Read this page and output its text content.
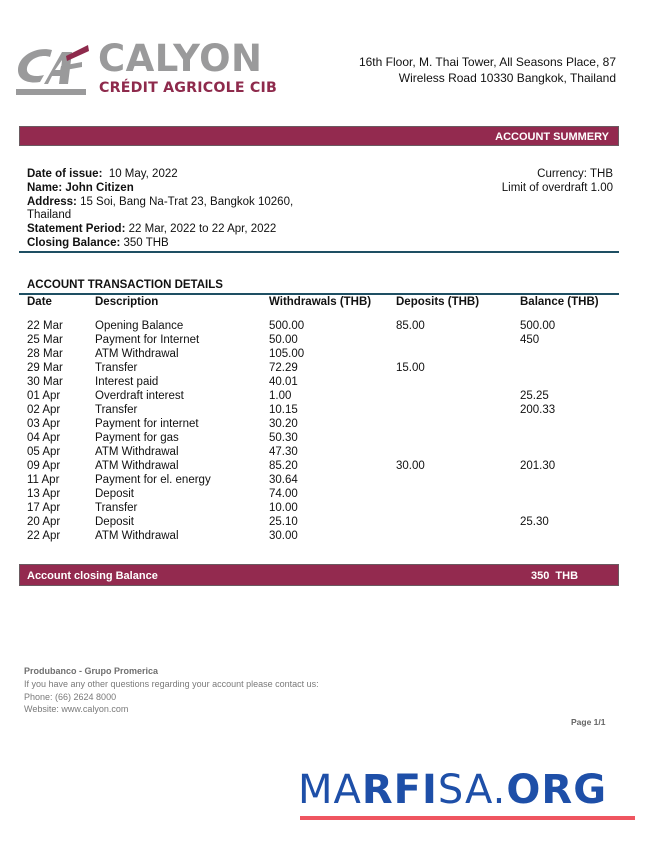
CALYON
CRÉDIT AGRICOLE CIB
16th Floor, M. Thai Tower, All Seasons Place, 87
Wireless Road 10330 Bangkok, Thailand
ACCOUNT SUMMERY
Date of issue: 10 May, 2022
Name: John Citizen
Address: 15 Soi, Bang Na-Trat 23, Bangkok 10260,
Thailand
Statement Period: 22 Mar, 2022 to 22 Apr, 2022
Closing Balance: 350 THB
Currency: THB
Limit of overdraft 1.00
ACCOUNT TRANSACTION DETAILS
Date	Description	Withdrawals (THB)	Deposits (THB)	Balance (THB)

22 Mar	Opening Balance	500.00	85.00	500.00
25 Mar	Payment for Internet	50.00		450
28 Mar	ATM Withdrawal	105.00		
29 Mar	Transfer	72.29	15.00	
30 Mar	Interest paid	40.01		
01 Apr	Overdraft interest	1.00		25.25
02 Apr	Transfer	10.15		200.33
03 Apr	Payment for internet	30.20		
04 Apr	Payment for gas	50.30		
05 Apr	ATM Withdrawal	47.30		
09 Apr	ATM Withdrawal	85.20	30.00	201.30
11 Apr	Payment for el. energy	30.64		
13 Apr	Deposit	74.00		
17 Apr	Transfer	10.00		
20 Apr	Deposit	25.10		25.30
22 Apr	ATM Withdrawal	30.00		
Account closing Balance	350 THB
Produbanco - Grupo Promerica
If you have any other questions regarding your account please contact us:
Phone: (66) 2624 8000
Website: www.calyon.com
Page 1/1
MARFISA.ORG
